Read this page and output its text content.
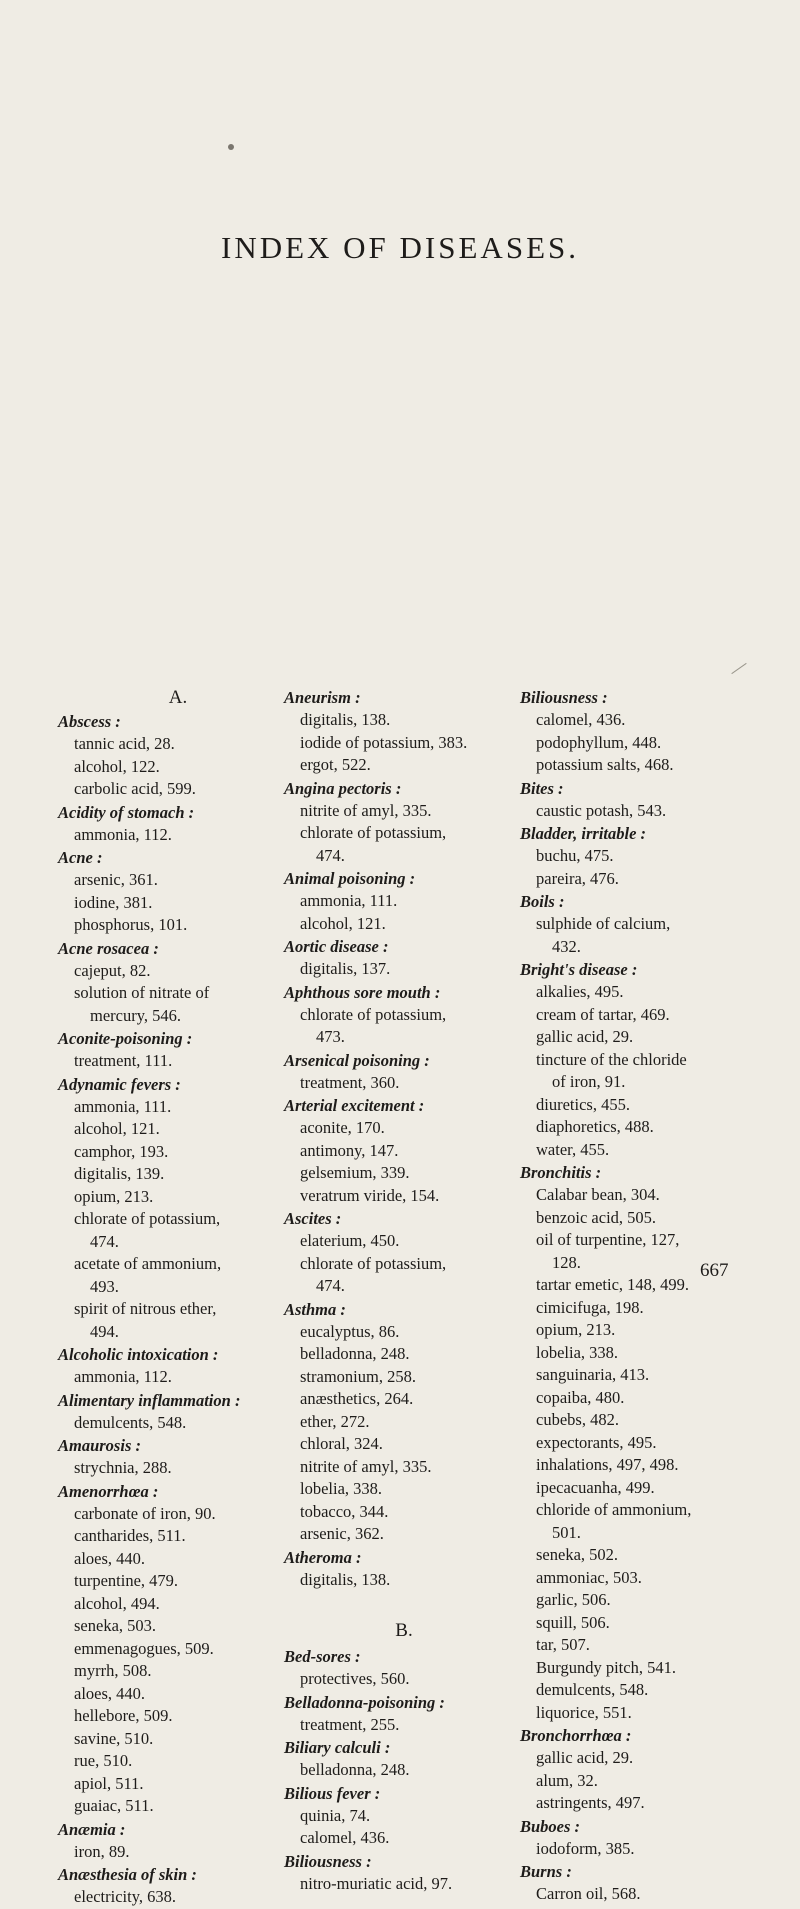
INDEX OF DISEASES.
A.
Abscess :
tannic acid, 28.
alcohol, 122.
carbolic acid, 599.
Acidity of stomach :
ammonia, 112.
Acne :
arsenic, 361.
iodine, 381.
phosphorus, 101.
Acne rosacea :
cajeput, 82.
solution of nitrate of
mercury, 546.
Aconite-poisoning :
treatment, 111.
Adynamic fevers :
ammonia, 111.
alcohol, 121.
camphor, 193.
digitalis, 139.
opium, 213.
chlorate of potassium,
474.
acetate of ammonium,
493.
spirit of nitrous ether,
494.
Alcoholic intoxication :
ammonia, 112.
Alimentary inflammation :
demulcents, 548.
Amaurosis :
strychnia, 288.
Amenorrhœa :
carbonate of iron, 90.
cantharides, 511.
aloes, 440.
turpentine, 479.
alcohol, 494.
seneka, 503.
emmenagogues, 509.
myrrh, 508.
aloes, 440.
hellebore, 509.
savine, 510.
rue, 510.
apiol, 511.
guaiac, 511.
Anæmia :
iron, 89.
Anæsthesia of skin :
electricity, 638.
Aneurism :
digitalis, 138.
iodide of potassium, 383.
ergot, 522.
Angina pectoris :
nitrite of amyl, 335.
chlorate of potassium,
474.
Animal poisoning :
ammonia, 111.
alcohol, 121.
Aortic disease :
digitalis, 137.
Aphthous sore mouth :
chlorate of potassium,
473.
Arsenical poisoning :
treatment, 360.
Arterial excitement :
aconite, 170.
antimony, 147.
gelsemium, 339.
veratrum viride, 154.
Ascites :
elaterium, 450.
chlorate of potassium,
474.
Asthma :
eucalyptus, 86.
belladonna, 248.
stramonium, 258.
anæsthetics, 264.
ether, 272.
chloral, 324.
nitrite of amyl, 335.
lobelia, 338.
tobacco, 344.
arsenic, 362.
Atheroma :
digitalis, 138.
B.
Bed-sores :
protectives, 560.
Belladonna-poisoning :
treatment, 255.
Biliary calculi :
belladonna, 248.
Bilious fever :
quinia, 74.
calomel, 436.
Biliousness :
nitro-muriatic acid, 97.
Biliousness :
calomel, 436.
podophyllum, 448.
potassium salts, 468.
Bites :
caustic potash, 543.
Bladder, irritable :
buchu, 475.
pareira, 476.
Boils :
sulphide of calcium,
432.
Bright's disease :
alkalies, 495.
cream of tartar, 469.
gallic acid, 29.
tincture of the chloride
of iron, 91.
diuretics, 455.
diaphoretics, 488.
water, 455.
Bronchitis :
Calabar bean, 304.
benzoic acid, 505.
oil of turpentine, 127,
128.
tartar emetic, 148, 499.
cimicifuga, 198.
opium, 213.
lobelia, 338.
sanguinaria, 413.
copaiba, 480.
cubebs, 482.
expectorants, 495.
inhalations, 497, 498.
ipecacuanha, 499.
chloride of ammonium,
501.
seneka, 502.
ammoniac, 503.
garlic, 506.
squill, 506.
tar, 507.
Burgundy pitch, 541.
demulcents, 548.
liquorice, 551.
Bronchorrhœa :
gallic acid, 29.
alum, 32.
astringents, 497.
Buboes :
iodoform, 385.
Burns :
Carron oil, 568.
667
